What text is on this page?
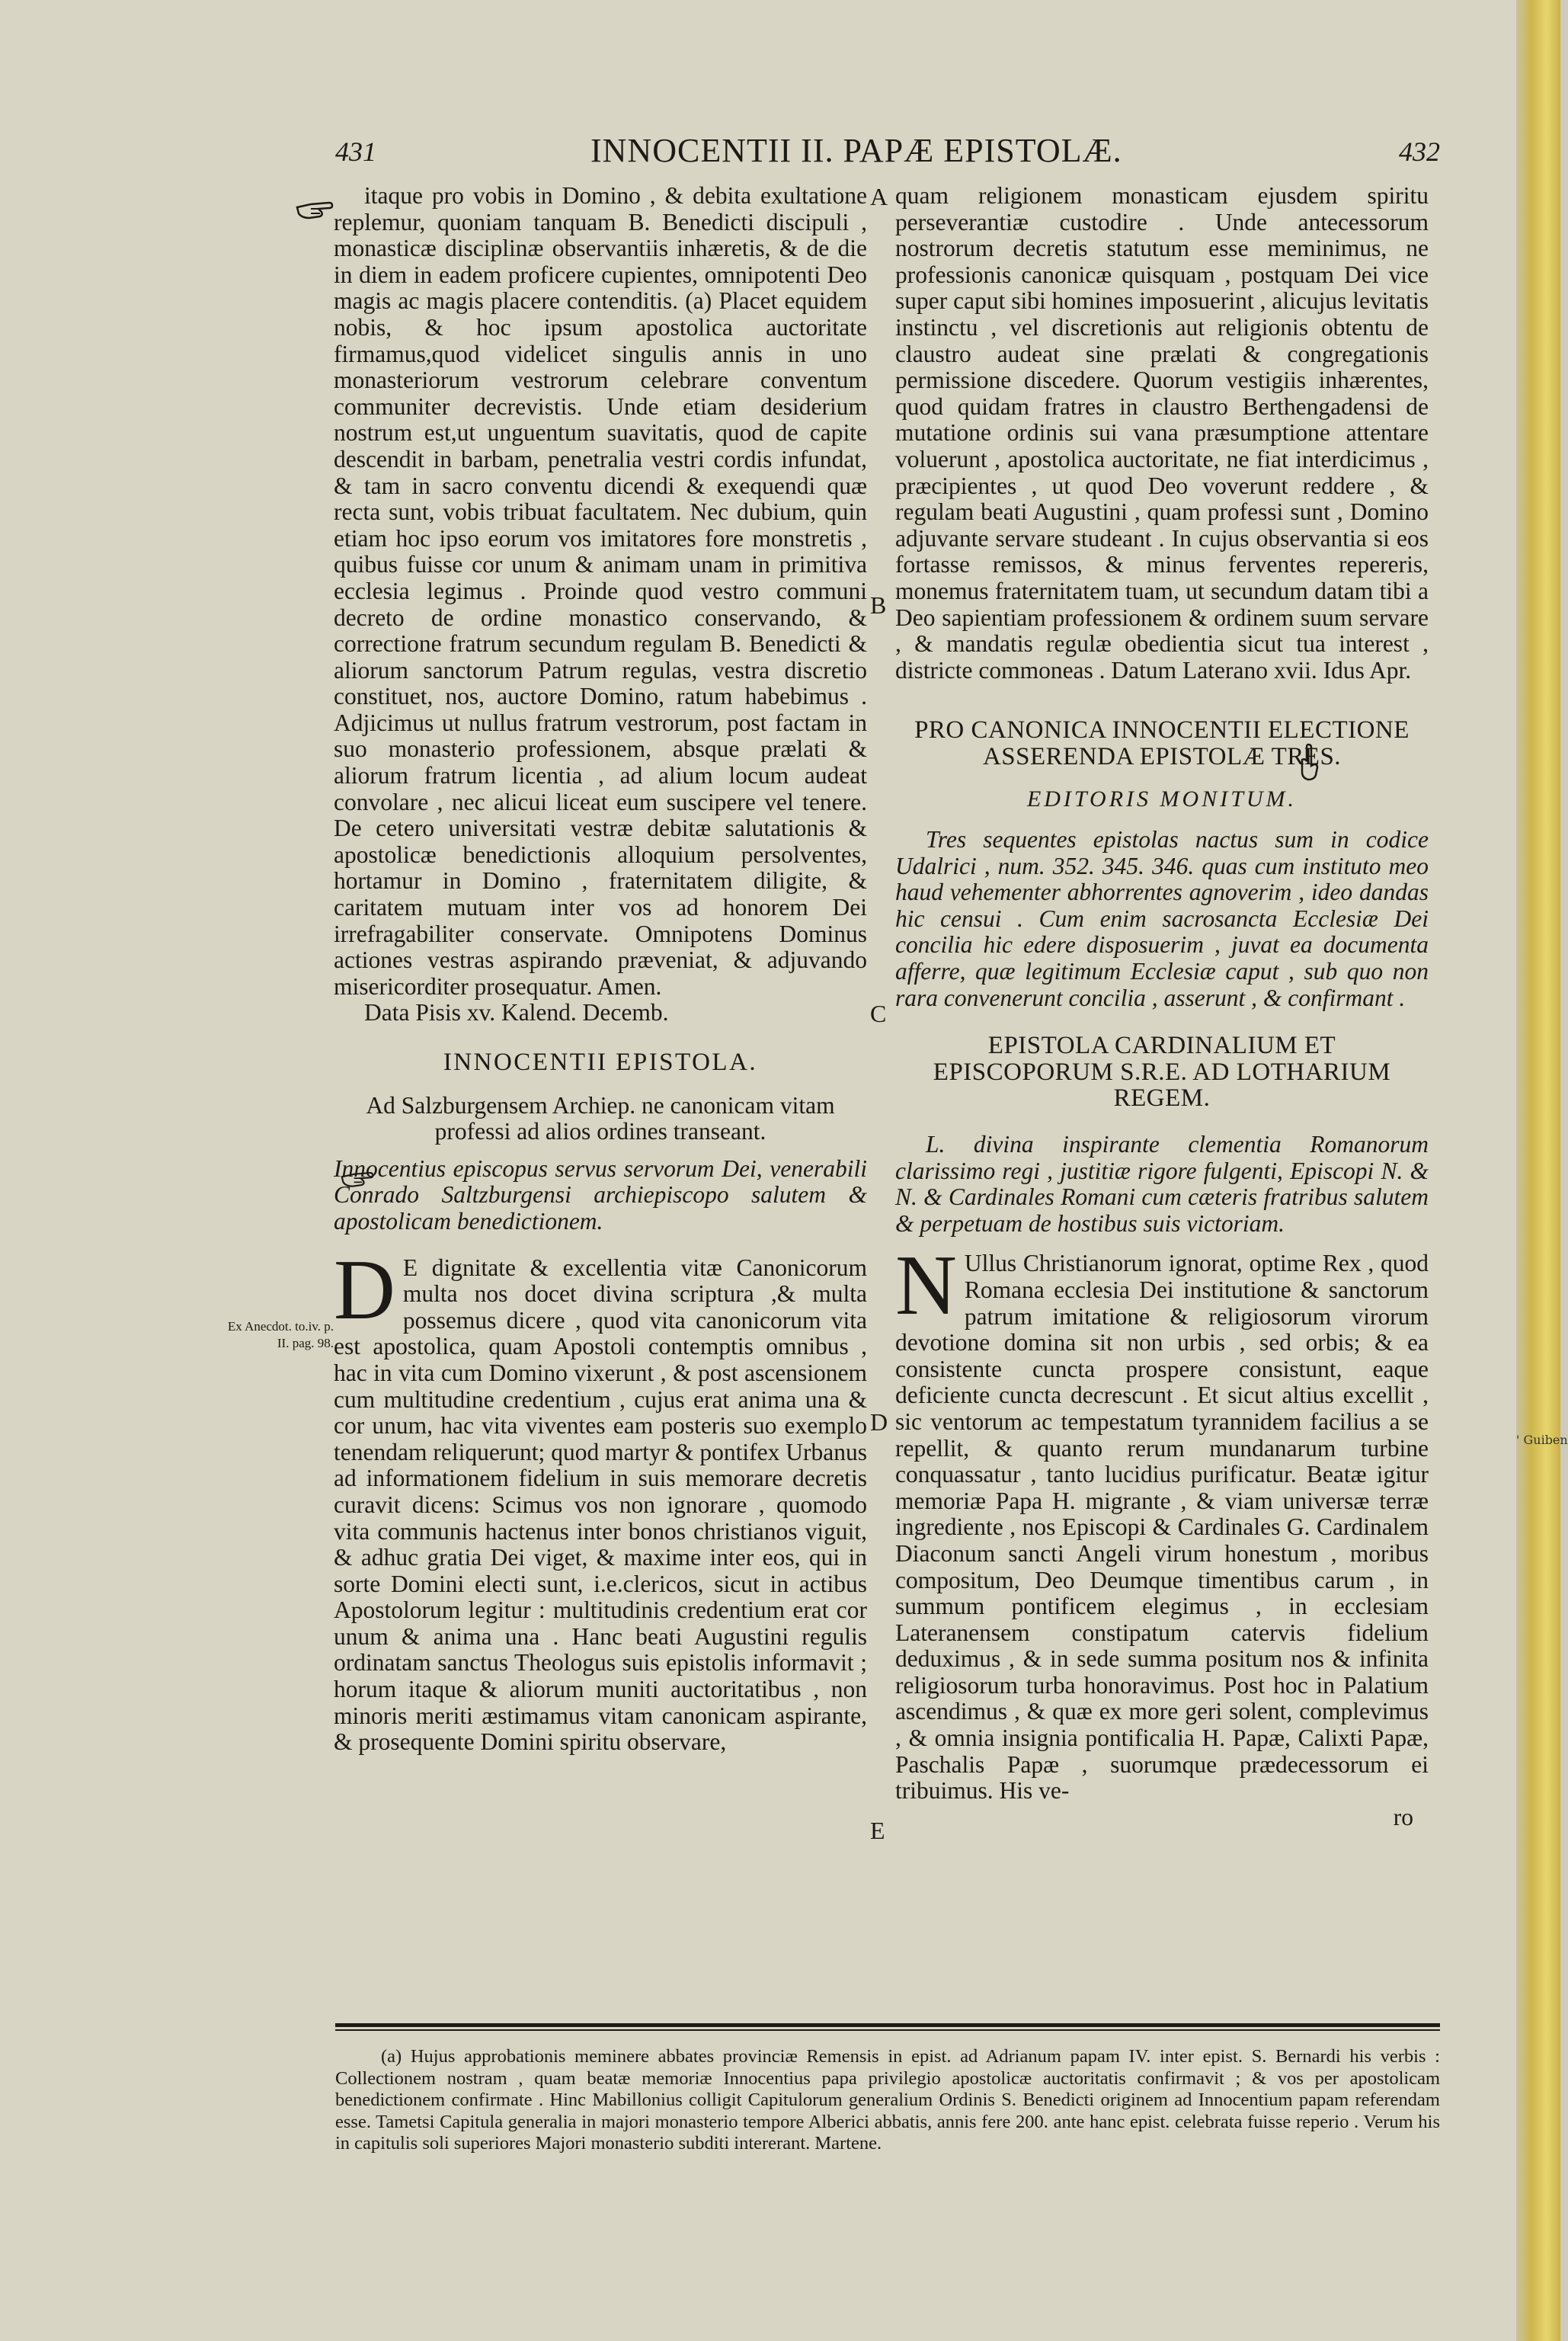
431	INNOCENTII II. PAPÆ EPISTOLÆ.	432
A
B
C
D
E
Ex Anecdot. to.iv. p. II. pag. 98.

itaque pro vobis in Domino , & debita exultatione replemur, quoniam tanquam B. Benedicti discipuli , monasticæ disciplinæ observantiis inhæretis, & de die in diem in eadem proficere cupientes, omnipotenti Deo magis ac magis placere contenditis. (a) Placet equidem nobis, & hoc ipsum apostolica auctoritate firmamus,quod videlicet singulis annis in uno monasteriorum vestrorum celebrare conventum communiter decrevistis. Unde etiam desiderium nostrum est,ut unguentum suavitatis, quod de capite descendit in barbam, penetralia vestri cordis infundat, & tam in sacro conventu dicendi & exequendi quæ recta sunt, vobis tribuat facultatem. Nec dubium, quin etiam hoc ipso eorum vos imitatores fore monstretis , quibus fuisse cor unum & animam unam in primitiva ecclesia legimus . Proinde quod vestro communi decreto de ordine monastico conservando, & correctione fratrum secundum regulam B. Benedicti & aliorum sanctorum Patrum regulas, vestra discretio constituet, nos, auctore Domino, ratum habebimus . Adjicimus ut nullus fratrum vestrorum, post factam in suo monasterio professionem, absque prælati & aliorum fratrum licentia , ad alium locum audeat convolare , nec alicui liceat eum suscipere vel tenere. De cetero universitati vestræ debitæ salutationis & apostolicæ benedictionis alloquium persolventes, hortamur in Domino , fraternitatem diligite, & caritatem mutuam inter vos ad honorem Dei irrefragabiliter conservate. Omnipotens Dominus actiones vestras aspirando præveniat, & adjuvando misericorditer prosequatur. Amen.

Data Pisis xv. Kalend. Decemb.

INNOCENTII EPISTOLA.

Ad Salzburgensem Archiep. ne canonicam vitam professi ad alios ordines transeant.

Innocentius episcopus servus servorum Dei, venerabili Conrado Saltzburgensi archiepiscopo salutem & apostolicam benedictionem.

D E dignitate & excellentia vitæ Canonicorum multa nos docet divina scriptura ,& multa possemus dicere , quod vita canonicorum vita est apostolica, quam Apostoli contemptis omnibus , hac in vita cum Domino vixerunt , & post ascensionem cum multitudine credentium , cujus erat anima una & cor unum, hac vita viventes eam posteris suo exemplo tenendam reliquerunt; quod martyr & pontifex Urbanus ad informationem fidelium in suis memorare decretis curavit dicens: Scimus vos non ignorare , quomodo vita communis hactenus inter bonos christianos viguit, & adhuc gratia Dei viget, & maxime inter eos, qui in sorte Domini electi sunt, i.e.clericos, sicut in actibus Apostolorum legitur : multitudinis credentium erat cor unum & anima una . Hanc beati Augustini regulis ordinatam sanctus Theologus suis epistolis informavit ; horum itaque & aliorum muniti auctoritatibus , non minoris meriti æstimamus vitam canonicam aspirante, & prosequente Domini spiritu observare,

quam religionem monasticam ejusdem spiritu perseverantiæ custodire . Unde antecessorum nostrorum decretis statutum esse meminimus, ne professionis canonicæ quisquam , postquam Dei vice super caput sibi homines imposuerint , alicujus levitatis instinctu , vel discretionis aut religionis obtentu de claustro audeat sine prælati & congregationis permissione discedere. Quorum vestigiis inhærentes, quod quidam fratres in claustro Berthengadensi de mutatione ordinis sui vana præsumptione attentare voluerunt , apostolica auctoritate, ne fiat interdicimus , præcipientes , ut quod Deo voverunt reddere , & regulam beati Augustini , quam professi sunt , Domino adjuvante servare studeant . In cujus observantia si eos fortasse remissos, & minus ferventes repereris, monemus fraternitatem tuam, ut secundum datam tibi a Deo sapientiam professionem & ordinem suum servare , & mandatis regulæ obedientia sicut tua interest , districte commoneas . Datum Laterano xvii. Idus Apr.

PRO CANONICA INNOCENTII ELECTIONE ASSERENDA EPISTOLÆ TRES.

EDITORIS MONITUM.

Tres sequentes epistolas nactus sum in codice Udalrici , num. 352. 345. 346. quas cum instituto meo haud vehementer abhorrentes agnoverim , ideo dandas hic censui . Cum enim sacrosancta Ecclesiæ Dei concilia hic edere disposuerim , juvat ea documenta afferre, quæ legitimum Ecclesiæ caput , sub quo non rara convenerunt concilia , asserunt , & confirmant .

EPISTOLA CARDINALIUM ET EPISCOPORUM S.R.E. AD LOTHARIUM REGEM.

L. divina inspirante clementia Romanorum clarissimo regi , justitiæ rigore fulgenti, Episcopi N. & N. & Cardinales Romani cum cæteris fratribus salutem & perpetuam de hostibus suis victoriam.

N Ullus Christianorum ignorat, optime Rex , quod Romana ecclesia Dei institutione & sanctorum patrum imitatione & religiosorum virorum devotione domina sit non urbis , sed orbis; & ea consistente cuncta prospere consistunt, eaque deficiente cuncta decrescunt . Et sicut altius excellit , sic ventorum ac tempestatum tyrannidem facilius a se repellit, & quanto rerum mundanarum turbine conquassatur , tanto lucidius purificatur. Beatæ igitur memoriæ Papa H. migrante , & viam universæ terræ ingrediente , nos Episcopi & Cardinales G. Cardinalem Diaconum sancti Angeli virum honestum , moribus compositum, Deo Deumque timentibus carum , in summum pontificem elegimus , in ecclesiam Lateranensem constipatum catervis fidelium deduximus , & in sede summa positum nos & infinita religiosorum turba honoravimus. Post hoc in Palatium ascendimus , & quæ ex more geri solent, complevimus , & omnia insignia pontificalia H. Papæ, Calixti Papæ, Paschalis Papæ , suorumque prædecessorum ei tribuimus. His ve-

ro

(a) Hujus approbationis meminere abbates provinciæ Remensis in epist. ad Adrianum papam IV. inter epist. S. Bernardi his verbis : Collectionem nostram , quam beatæ memoriæ Innocentius papa privilegio apostolicæ auctoritatis confirmavit ; & vos per apostolicam benedictionem confirmate . Hinc Mabillonius colligit Capitulorum generalium Ordinis S. Benedicti originem ad Innocentium papam referendam esse. Tametsi Capitula generalia in majori monasterio tempore Alberici abbatis, annis fere 200. ante hanc epist. celebrata fuisse reperio . Verum his in capitulis soli superiores Majori monasterio subditi intererant. Martene.

' Guiben
